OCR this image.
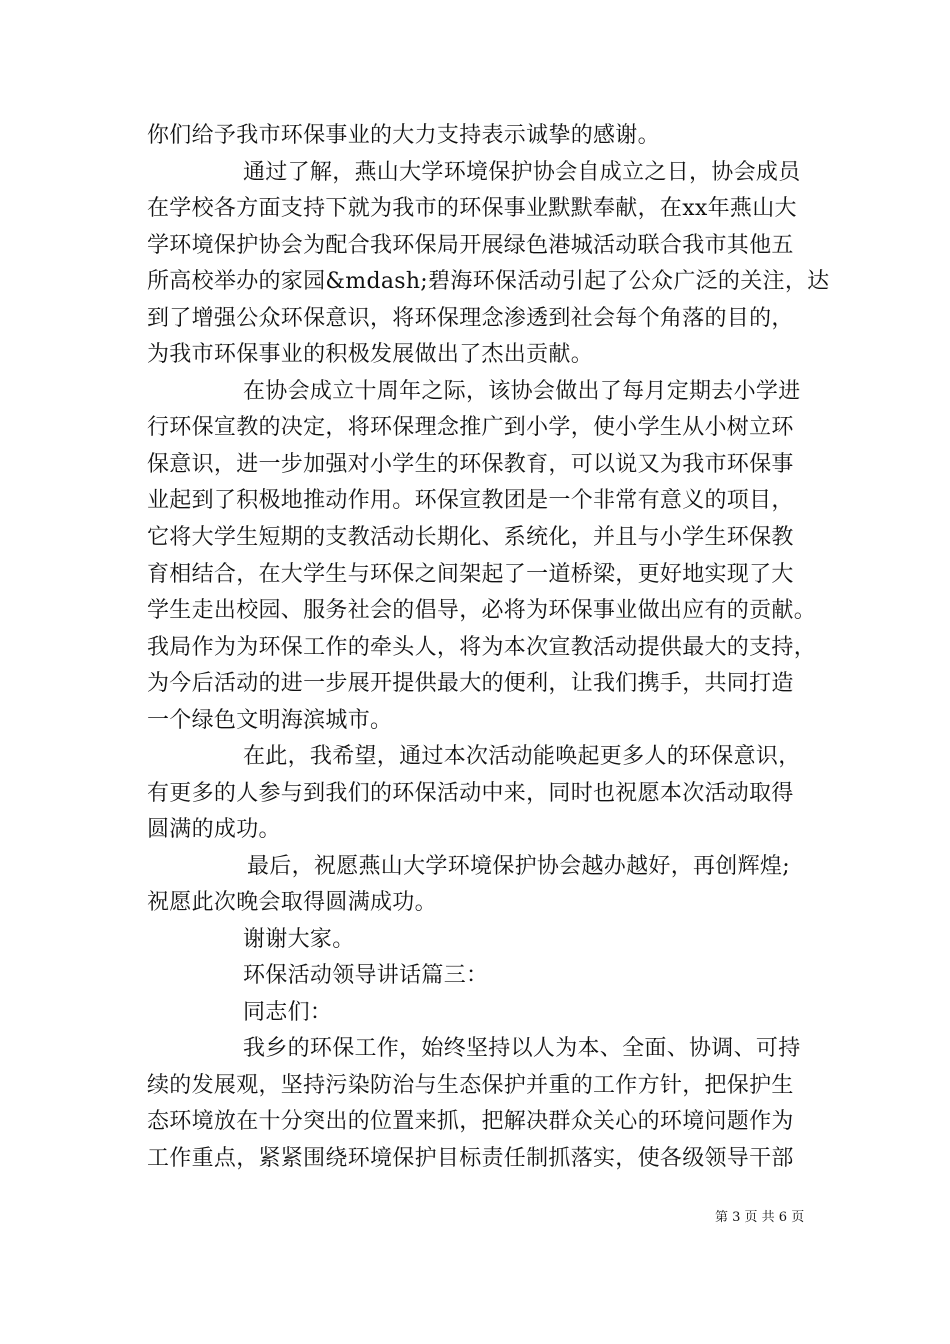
你们给予我市环保事业的大力支持表示诚挚的感谢。
通过了解，燕山大学环境保护协会自成立之日，协会成员
在学校各方面支持下就为我市的环保事业默默奉献，在xx年燕山大
学环境保护协会为配合我环保局开展绿色港城活动联合我市其他五
所高校举办的家园&mdash;碧海环保活动引起了公众广泛的关注，达
到了增强公众环保意识，将环保理念渗透到社会每个角落的目的，
为我市环保事业的积极发展做出了杰出贡献。
在协会成立十周年之际，该协会做出了每月定期去小学进
行环保宣教的决定，将环保理念推广到小学，使小学生从小树立环
保意识，进一步加强对小学生的环保教育，可以说又为我市环保事
业起到了积极地推动作用。环保宣教团是一个非常有意义的项目，
它将大学生短期的支教活动长期化、系统化，并且与小学生环保教
育相结合，在大学生与环保之间架起了一道桥梁，更好地实现了大
学生走出校园、服务社会的倡导，必将为环保事业做出应有的贡献。
我局作为为环保工作的牵头人，将为本次宣教活动提供最大的支持，
为今后活动的进一步展开提供最大的便利，让我们携手，共同打造
一个绿色文明海滨城市。
在此，我希望，通过本次活动能唤起更多人的环保意识，
有更多的人参与到我们的环保活动中来，同时也祝愿本次活动取得
圆满的成功。
最后，祝愿燕山大学环境保护协会越办越好，再创辉煌;
祝愿此次晚会取得圆满成功。
谢谢大家。
环保活动领导讲话篇三：
同志们：
我乡的环保工作，始终坚持以人为本、全面、协调、可持
续的发展观，坚持污染防治与生态保护并重的工作方针，把保护生
态环境放在十分突出的位置来抓，把解决群众关心的环境问题作为
工作重点，紧紧围绕环境保护目标责任制抓落实，使各级领导干部
第 3 页 共 6 页
